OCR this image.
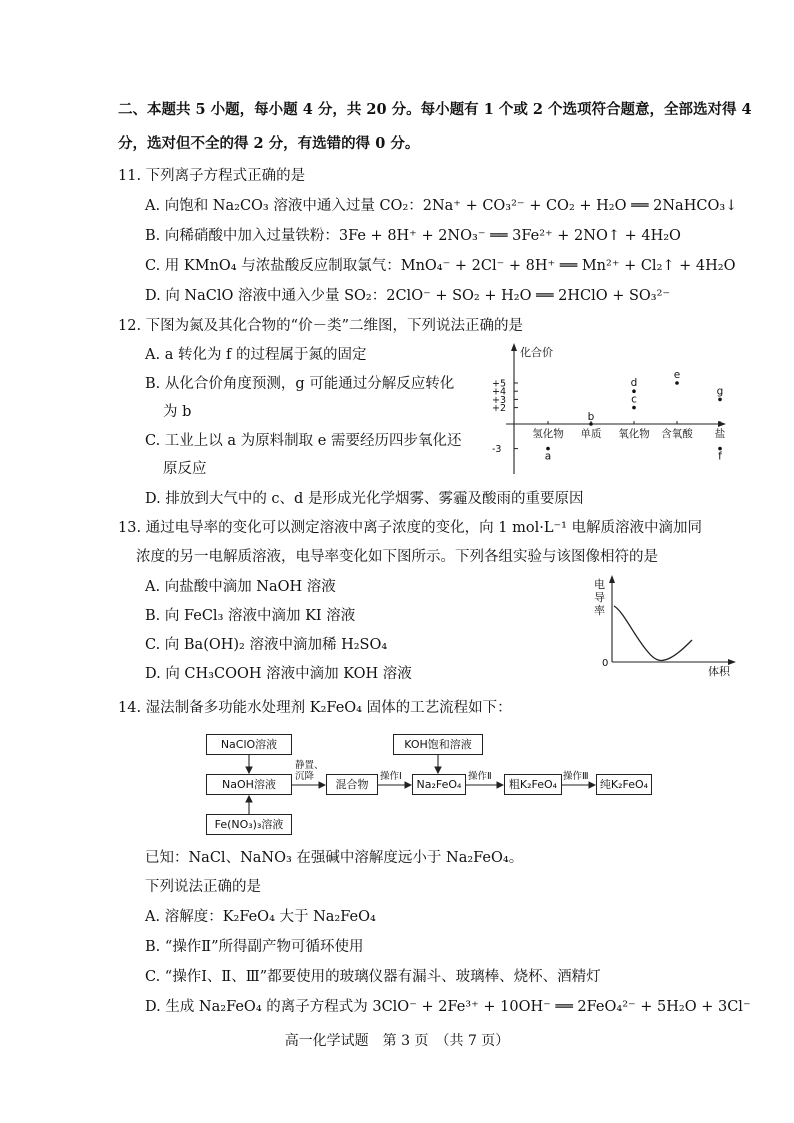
二、本题共 5 小题，每小题 4 分，共 20 分。每小题有 1 个或 2 个选项符合题意，全部选对得 4
分，选对但不全的得 2 分，有选错的得 0 分。
11. 下列离子方程式正确的是
A. 向饱和 Na₂CO₃ 溶液中通入过量 CO₂：2Na⁺ + CO₃²⁻ + CO₂ + H₂O ══ 2NaHCO₃↓
B. 向稀硝酸中加入过量铁粉：3Fe + 8H⁺ + 2NO₃⁻ ══ 3Fe²⁺ + 2NO↑ + 4H₂O
C. 用 KMnO₄ 与浓盐酸反应制取氯气：MnO₄⁻ + 2Cl⁻ + 8H⁺ ══ Mn²⁺ + Cl₂↑ + 4H₂O
D. 向 NaClO 溶液中通入少量 SO₂：2ClO⁻ + SO₂ + H₂O ══ 2HClO + SO₃²⁻
12. 下图为氮及其化合物的“价－类”二维图，下列说法正确的是
A. a 转化为 f 的过程属于氮的固定
B. 从化合价角度预测，g 可能通过分解反应转化
为 b
C. 工业上以 a 为原料制取 e 需要经历四步氧化还
原反应
D. 排放到大气中的 c、d 是形成光化学烟雾、雾霾及酸雨的重要原因
化合价
+5
+4
+3
+2
-3
氢化物 单质 氧化物 含氧酸 盐
a
b
c
d
e
f
g
13. 通过电导率的变化可以测定溶液中离子浓度的变化，向 1 mol·L⁻¹ 电解质溶液中滴加同
浓度的另一电解质溶液，电导率变化如下图所示。下列各组实验与该图像相符的是
A. 向盐酸中滴加 NaOH 溶液
B. 向 FeCl₃ 溶液中滴加 KI 溶液
C. 向 Ba(OH)₂ 溶液中滴加稀 H₂SO₄
D. 向 CH₃COOH 溶液中滴加 KOH 溶液
0
电 导 率
体积
14. 湿法制备多功能水处理剂 K₂FeO₄ 固体的工艺流程如下：
NaClO溶液
NaOH溶液
Fe(NO₃)₃溶液
混合物
KOH饱和溶液
Na₂FeO₄	粗K₂FeO₄	纯K₂FeO₄
静置、
沉降	操作Ⅰ	操作Ⅱ	操作Ⅲ
已知：NaCl、NaNO₃ 在强碱中溶解度远小于 Na₂FeO₄。
下列说法正确的是
A. 溶解度：K₂FeO₄ 大于 Na₂FeO₄
B. “操作Ⅱ”所得副产物可循环使用
C. “操作Ⅰ、Ⅱ、Ⅲ”都要使用的玻璃仪器有漏斗、玻璃棒、烧杯、酒精灯
D. 生成 Na₂FeO₄ 的离子方程式为 3ClO⁻ + 2Fe³⁺ + 10OH⁻ ══ 2FeO₄²⁻ + 5H₂O + 3Cl⁻
高一化学试题　第 3 页　（共 7 页）
